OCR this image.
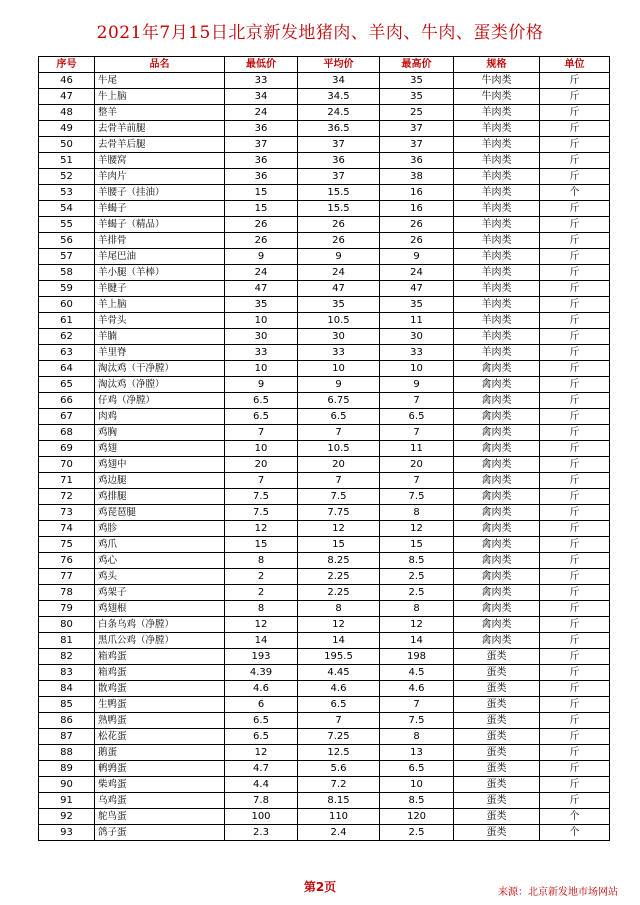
2021年7月15日北京新发地猪肉、羊肉、牛肉、蛋类价格
序号	品名	最低价	平均价	最高价	规格	单位
46	牛尾	33	34	35	牛肉类	斤
47	牛上脑	34	34.5	35	牛肉类	斤
48	整羊	24	24.5	25	羊肉类	斤
49	去骨羊前腿	36	36.5	37	羊肉类	斤
50	去骨羊后腿	37	37	37	羊肉类	斤
51	羊腰窝	36	36	36	羊肉类	斤
52	羊肉片	36	37	38	羊肉类	斤
53	羊腰子（挂油）	15	15.5	16	羊肉类	个
54	羊蝎子	15	15.5	16	羊肉类	斤
55	羊蝎子（精品）	26	26	26	羊肉类	斤
56	羊排骨	26	26	26	羊肉类	斤
57	羊尾巴油	9	9	9	羊肉类	斤
58	羊小腿（羊棒）	24	24	24	羊肉类	斤
59	羊腱子	47	47	47	羊肉类	斤
60	羊上脑	35	35	35	羊肉类	斤
61	羊骨头	10	10.5	11	羊肉类	斤
62	羊腩	30	30	30	羊肉类	斤
63	羊里脊	33	33	33	羊肉类	斤
64	淘汰鸡（干净膛）	10	10	10	禽肉类	斤
65	淘汰鸡（净膛）	9	9	9	禽肉类	斤
66	仔鸡（净膛）	6.5	6.75	7	禽肉类	斤
67	肉鸡	6.5	6.5	6.5	禽肉类	斤
68	鸡胸	7	7	7	禽肉类	斤
69	鸡翅	10	10.5	11	禽肉类	斤
70	鸡翅中	20	20	20	禽肉类	斤
71	鸡边腿	7	7	7	禽肉类	斤
72	鸡排腿	7.5	7.5	7.5	禽肉类	斤
73	鸡琵琶腿	7.5	7.75	8	禽肉类	斤
74	鸡胗	12	12	12	禽肉类	斤
75	鸡爪	15	15	15	禽肉类	斤
76	鸡心	8	8.25	8.5	禽肉类	斤
77	鸡头	2	2.25	2.5	禽肉类	斤
78	鸡架子	2	2.25	2.5	禽肉类	斤
79	鸡翅根	8	8	8	禽肉类	斤
80	白条乌鸡（净膛）	12	12	12	禽肉类	斤
81	黑爪公鸡（净膛）	14	14	14	禽肉类	斤
82	箱鸡蛋	193	195.5	198	蛋类	斤
83	箱鸡蛋	4.39	4.45	4.5	蛋类	斤
84	散鸡蛋	4.6	4.6	4.6	蛋类	斤
85	生鸭蛋	6	6.5	7	蛋类	斤
86	熟鸭蛋	6.5	7	7.5	蛋类	斤
87	松花蛋	6.5	7.25	8	蛋类	斤
88	鹅蛋	12	12.5	13	蛋类	斤
89	鹌鹑蛋	4.7	5.6	6.5	蛋类	斤
90	柴鸡蛋	4.4	7.2	10	蛋类	斤
91	乌鸡蛋	7.8	8.15	8.5	蛋类	斤
92	鸵鸟蛋	100	110	120	蛋类	个
93	鸽子蛋	2.3	2.4	2.5	蛋类	个
第2页	来源：北京新发地市场网站
